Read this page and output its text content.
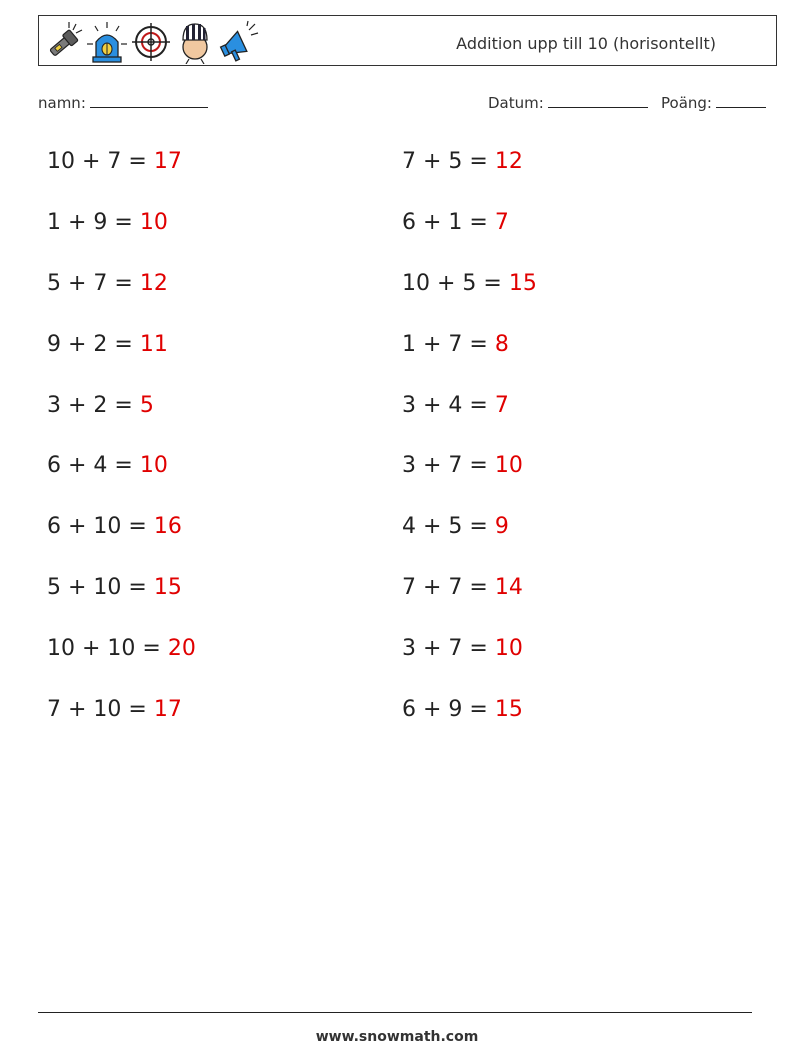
Addition upp till 10 (horisontellt)
namn:	Datum:	Poäng:
10 + 7 = 17
1 + 9 = 10
5 + 7 = 12
9 + 2 = 11
3 + 2 = 5
6 + 4 = 10
6 + 10 = 16
5 + 10 = 15
10 + 10 = 20
7 + 10 = 17
7 + 5 = 12
6 + 1 = 7
10 + 5 = 15
1 + 7 = 8
3 + 4 = 7
3 + 7 = 10
4 + 5 = 9
7 + 7 = 14
3 + 7 = 10
6 + 9 = 15
www.snowmath.com
